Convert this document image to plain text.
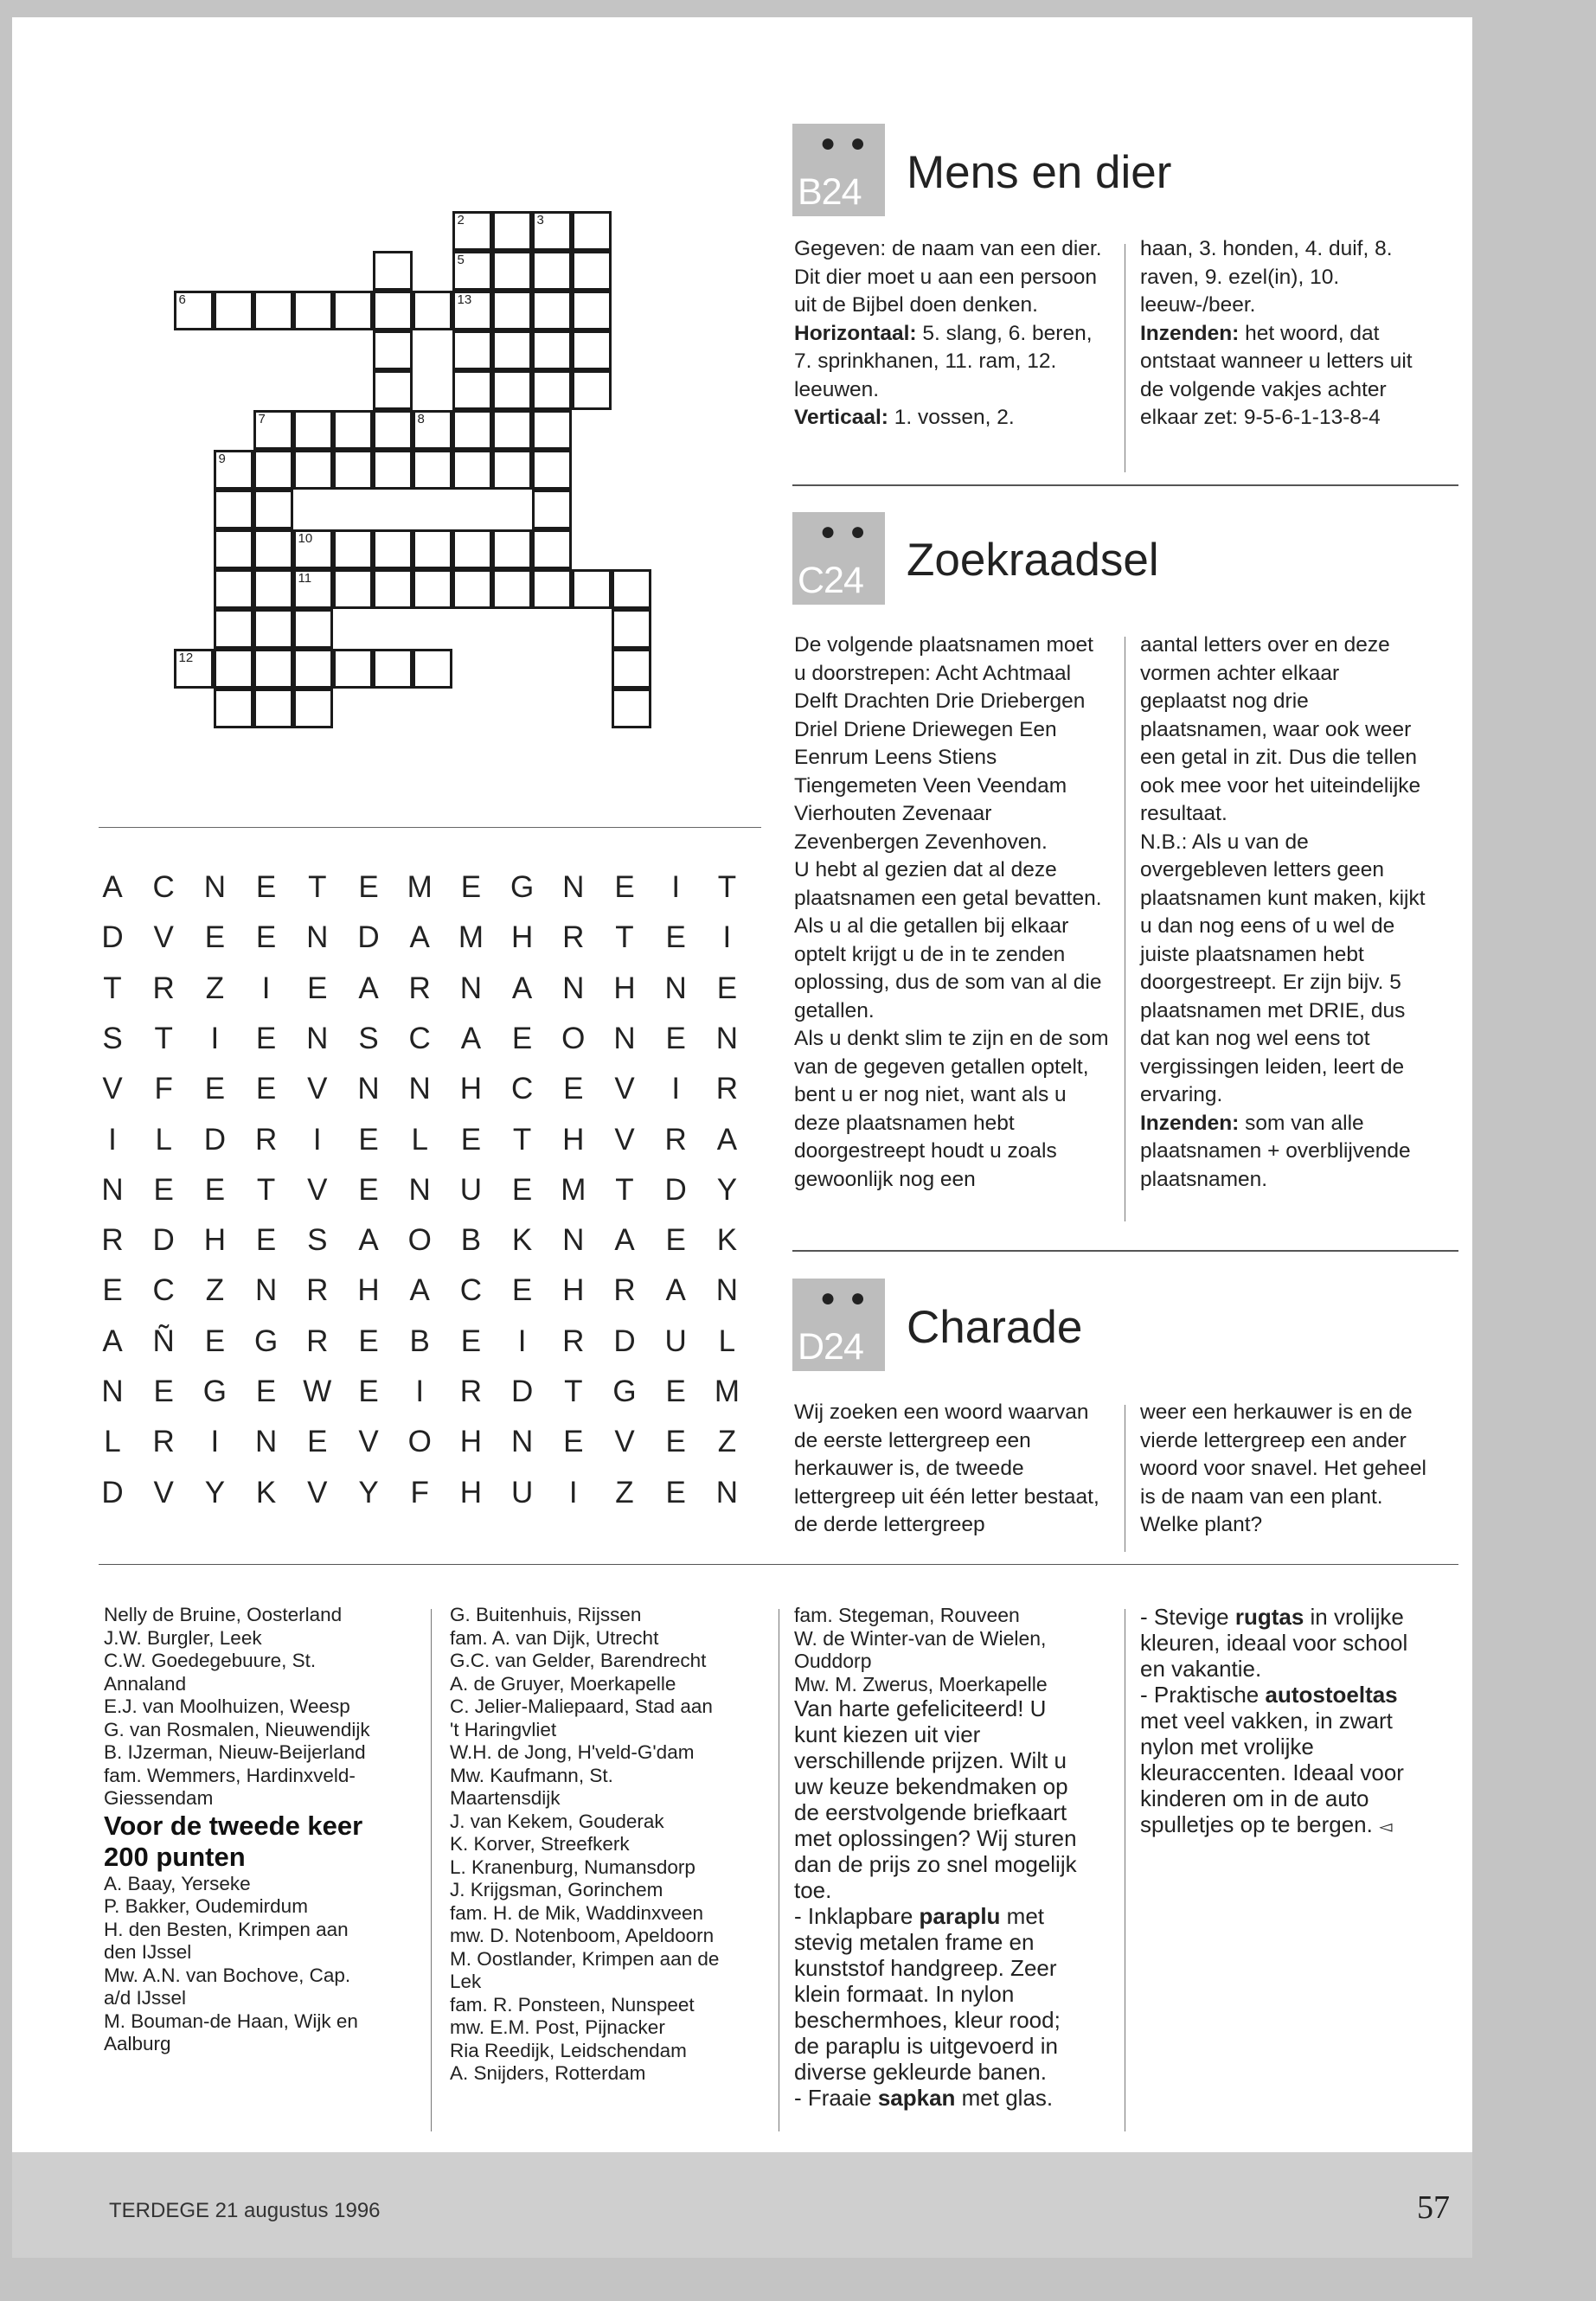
2
5
13
3
6
7	8
9
10
11
12
● ●
B24 Mens en dier

Gegeven: de naam van een dier. Dit dier moet u aan een persoon uit de Bijbel doen denken.

Horizontaal: 5. slang, 6. beren, 7. sprinkhanen, 11. ram, 12. leeuwen.

Verticaal: 1. vossen, 2.

haan, 3. honden, 4. duif, 8. raven, 9. ezel(in), 10. leeuw-/beer.

Inzenden: het woord, dat ontstaat wanneer u letters uit de volgende vakjes achter elkaar zet: 9-5-6-1-13-8-4

● ●
C24 Zoekraadsel

De volgende plaatsnamen moet u doorstrepen: Acht Achtmaal Delft Drachten Drie Driebergen Driel Driene Driewegen Een Eenrum Leens Stiens Tiengemeten Veen Veendam Vierhouten Zevenaar Zevenbergen Zevenhoven.

U hebt al gezien dat al deze plaatsnamen een getal bevatten. Als u al die getallen bij elkaar optelt krijgt u de in te zenden oplossing, dus de som van al die getallen.

Als u denkt slim te zijn en de som van de gegeven getallen optelt, bent u er nog niet, want als u deze plaatsnamen hebt doorgestreept houdt u zoals gewoonlijk nog een

aantal letters over en deze vormen achter elkaar geplaatst nog drie plaatsnamen, waar ook weer een getal in zit. Dus die tellen ook mee voor het uiteindelijke resultaat.

N.B.: Als u van de overgebleven letters geen plaatsnamen kunt maken, kijkt u dan nog eens of u wel de juiste plaatsnamen hebt doorgestreept. Er zijn bijv. 5 plaatsnamen met DRIE, dus dat kan nog wel eens tot vergissingen leiden, leert de ervaring.

Inzenden: som van alle plaatsnamen + overblijvende plaatsnamen.

● ●
D24 Charade

Wij zoeken een woord waarvan de eerste lettergreep een herkauwer is, de tweede lettergreep uit één letter bestaat, de derde lettergreep

weer een herkauwer is en de vierde lettergreep een ander woord voor snavel. Het geheel is de naam van een plant. Welke plant?

A C N E	T	E M E G N E	I	T
D V	E	E N D A M H R	T	E	I
T	R	Z	I	E	A R N A N H N E
S	T	I	E N S C A	E O N E N
V	F	E	E	V N N H C E	V	I	R
I	L	D R	I	E	L	E	T	H V R A
N E	E	T	V	E N U E M T	D Y
R D H E	S	A O B	K N A	E	K
E C	Z	N R H A C E H R A N
A Ñ E G R E	B	E	I	R D U	L
N E G E W E	I	R D	T G E M
L	R	I	N E	V O H N E	V	E	Z
D V	Y	K	V	Y	F	H U	I	Z	E N
Nelly de Bruine, Oosterland
J.W. Burgler, Leek
C.W. Goedegebuure, St. Annaland
E.J. van Moolhuizen, Weesp
G. van Rosmalen, Nieuwendijk
B. IJzerman, Nieuw-Beijerland
fam. Wemmers, Hardinxveld-Giessendam
Voor de tweede keer 200 punten
A. Baay, Yerseke
P. Bakker, Oudemirdum
H. den Besten, Krimpen aan den IJssel
Mw. A.N. van Bochove, Cap. a/d IJssel
M. Bouman-de Haan, Wijk en Aalburg
G. Buitenhuis, Rijssen
fam. A. van Dijk, Utrecht
G.C. van Gelder, Barendrecht
A. de Gruyer, Moerkapelle
C. Jelier-Maliepaard, Stad aan 't Haringvliet
W.H. de Jong, H'veld-G'dam
Mw. Kaufmann, St. Maartensdijk
J. van Kekem, Gouderak
K. Korver, Streefkerk
L. Kranenburg, Numansdorp
J. Krijgsman, Gorinchem
fam. H. de Mik, Waddinxveen
mw. D. Notenboom, Apeldoorn
M. Oostlander, Krimpen aan de Lek
fam. R. Ponsteen, Nunspeet
mw. E.M. Post, Pijnacker
Ria Reedijk, Leidschendam
A. Snijders, Rotterdam
fam. Stegeman, Rouveen
W. de Winter-van de Wielen, Ouddorp
Mw. M. Zwerus, Moerkapelle
Van harte gefeliciteerd! U kunt kiezen uit vier verschillende prijzen. Wilt u uw keuze bekendmaken op de eerstvolgende briefkaart met oplossingen? Wij sturen dan de prijs zo snel mogelijk toe.
- Inklapbare paraplu met stevig metalen frame en kunststof handgreep. Zeer klein formaat. In nylon beschermhoes, kleur rood; de paraplu is uitgevoerd in diverse gekleurde banen.
- Fraaie sapkan met glas.
- Stevige rugtas in vrolijke kleuren, ideaal voor school en vakantie.
- Praktische autostoeltas met veel vakken, in zwart nylon met vrolijke kleuraccenten. Ideaal voor kinderen om in de auto spulletjes op te bergen. ◅
TERDEGE 21 augustus 1996	57
